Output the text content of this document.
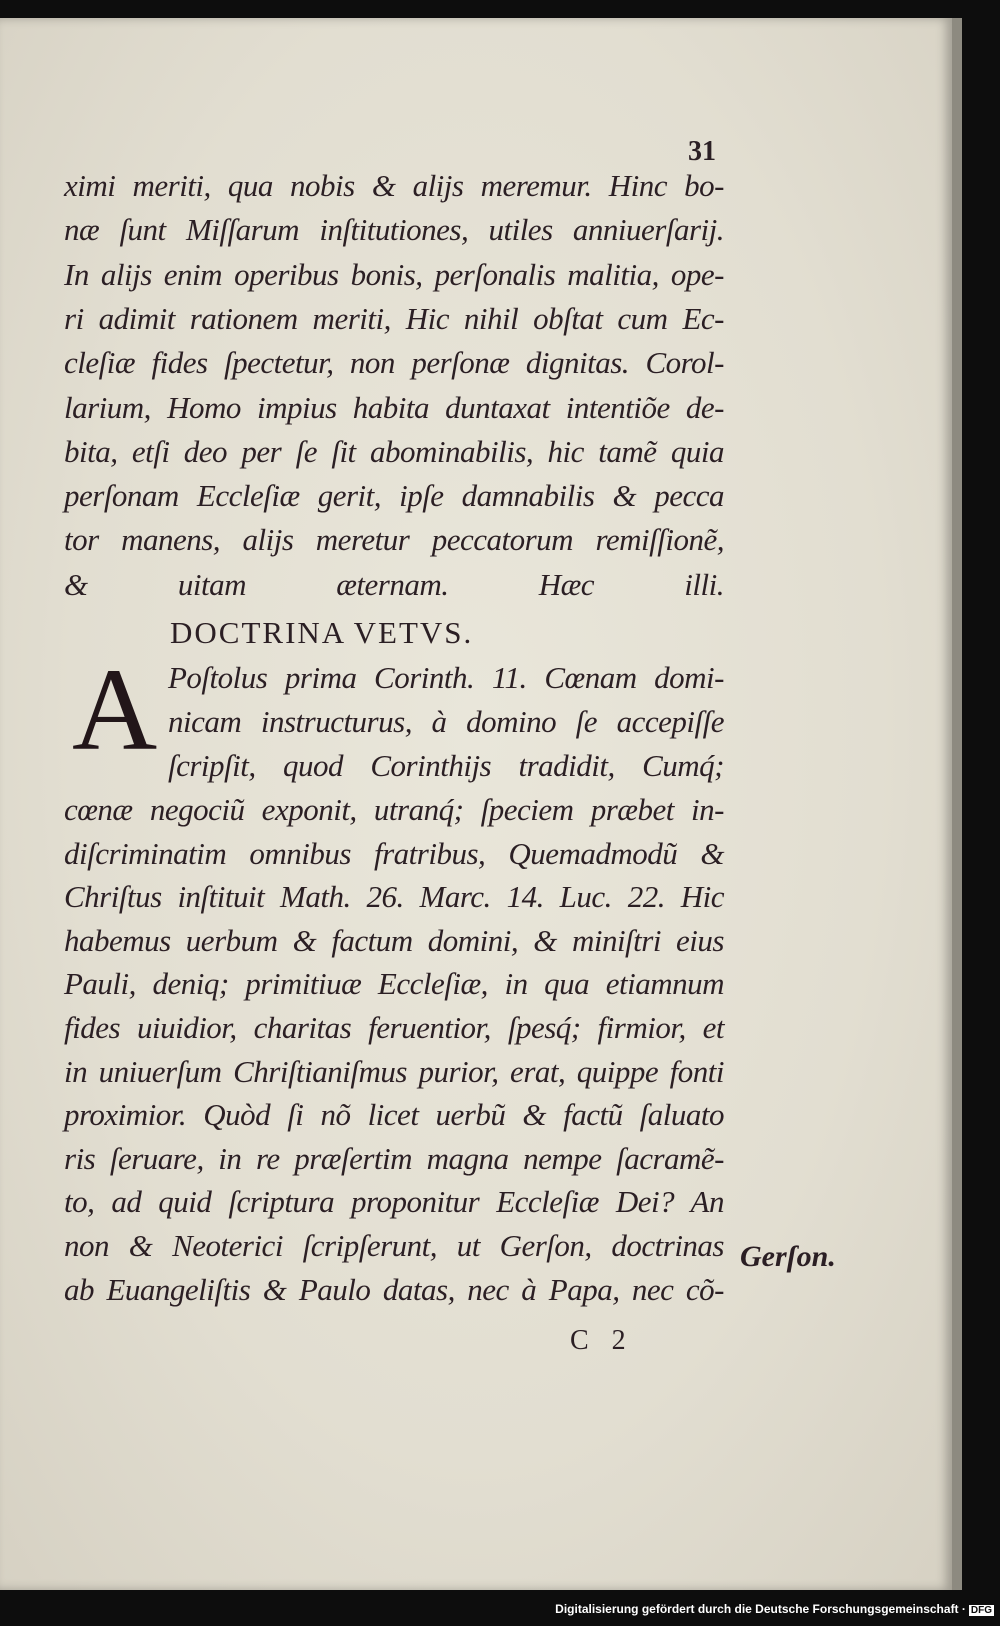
31
ximi meriti, qua nobis & alijs meremur. Hinc bo-
næ ſunt Miſſarum inſtitutiones, utiles anniuerſarij.
In alijs enim operibus bonis, perſonalis malitia, ope-
ri adimit rationem meriti, Hic nihil obſtat cum Ec-
cleſiæ fides ſpectetur, non perſonæ dignitas. Corol-
larium, Homo impius habita duntaxat intentiõe de-
bita, etſi deo per ſe ſit abominabilis, hic tamẽ quia
perſonam Eccleſiæ gerit, ipſe damnabilis & pecca
tor manens, alijs meretur peccatorum remiſſionẽ,
& uitam æternam. Hæc illi.
DOCTRINA VETVS.
A Poſtolus prima Corinth. 11. Cœnam domi-
nicam instructurus, à domino ſe accepiſſe
ſcripſit, quod Corinthijs tradidit, Cumq́;
cœnæ negociũ exponit, utranq́; ſpeciem præbet in-
diſcriminatim omnibus fratribus, Quemadmodũ &
Chriſtus inſtituit Math. 26. Marc. 14. Luc. 22. Hic
habemus uerbum & factum domini, & miniſtri eius
Pauli, deniq; primitiuæ Eccleſiæ, in qua etiamnum
fides uiuidior, charitas feruentior, ſpesq́; firmior, et
in uniuerſum Chriſtianiſmus purior, erat, quippe fonti
proximior. Quòd ſi nõ licet uerbũ & factũ ſaluato
ris ſeruare, in re præſertim magna nempe ſacramẽ-
to, ad quid ſcriptura proponitur Eccleſiæ Dei? An
non & Neoterici ſcripſerunt, ut Gerſon, doctrinas
ab Euangeliſtis & Paulo datas, nec à Papa, nec cõ-
Gerſon.
C 2
Digitalisierung gefördert durch die Deutsche Forschungsgemeinschaft · DFG
